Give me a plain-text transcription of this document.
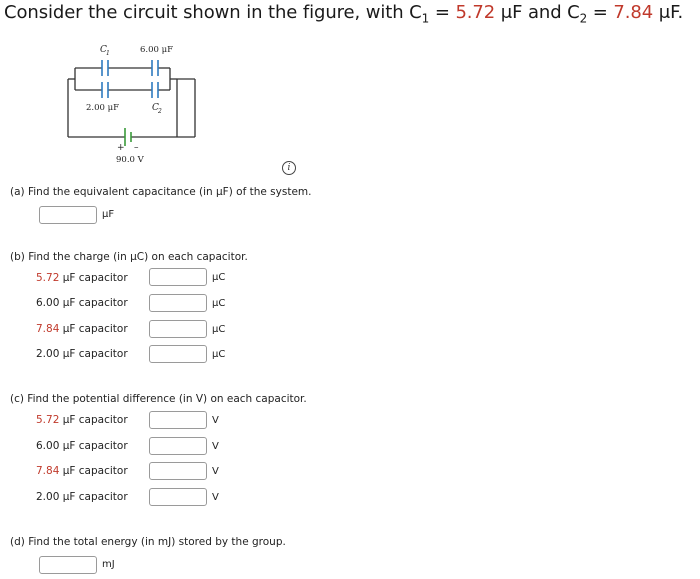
Consider the circuit shown in the figure, with $C_1 = 5.72$ μF and $C_2 = 7.84$ μF.
C 1	6.00 μF
2.00 μF	C 2
+ –
90.0 V
i
(a) Find the equivalent capacitance (in μF) of the system.
μF
(b) Find the charge (in μC) on each capacitor.
5.72 μF capacitor	μC
6.00 μF capacitor	μC
7.84 μF capacitor	μC
2.00 μF capacitor	μC
(c) Find the potential difference (in V) on each capacitor.
5.72 μF capacitor	V
6.00 μF capacitor	V
7.84 μF capacitor	V
2.00 μF capacitor	V
(d) Find the total energy (in mJ) stored by the group.
mJ
